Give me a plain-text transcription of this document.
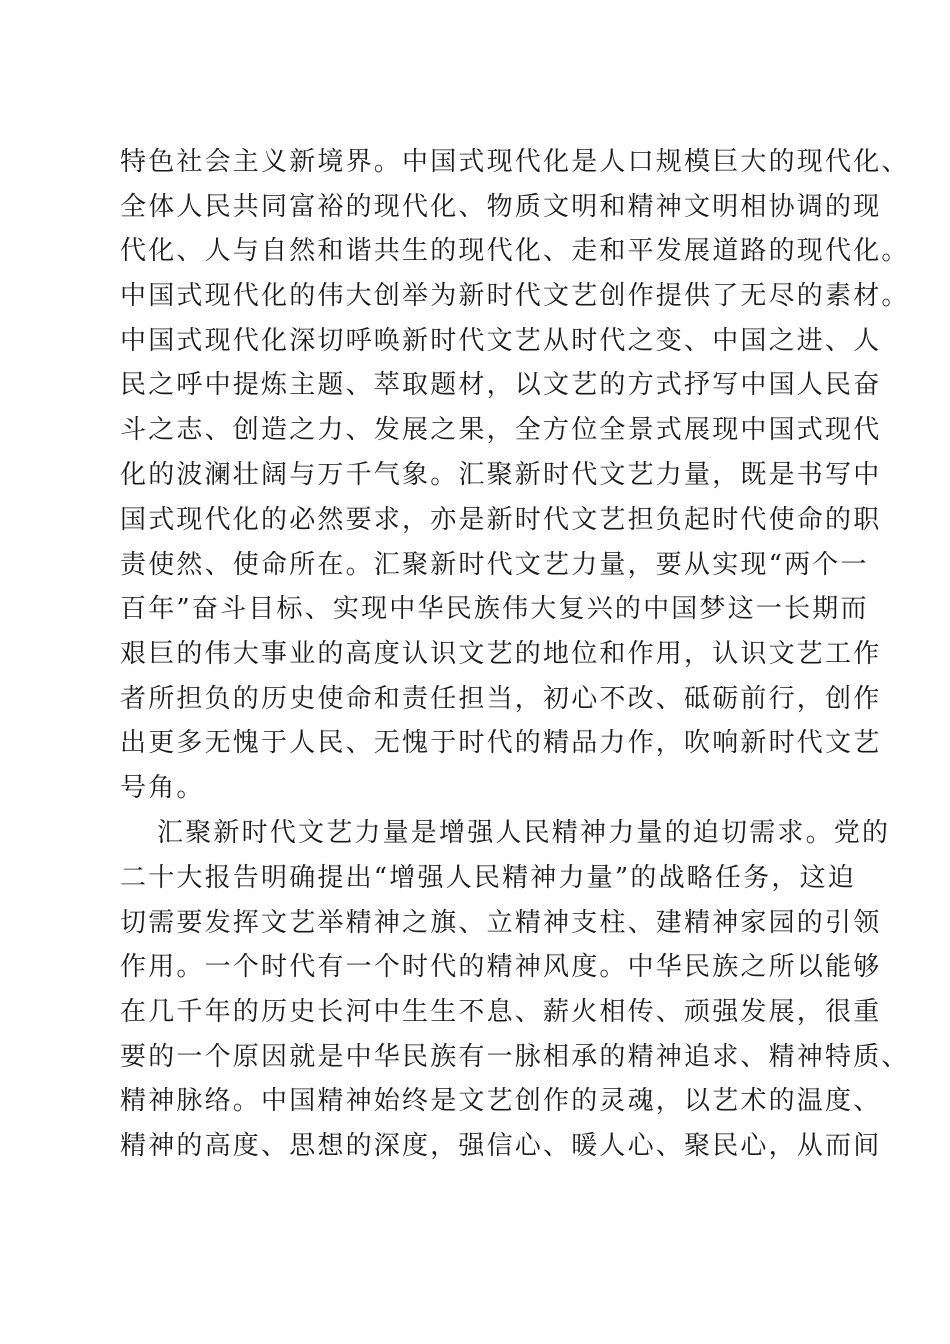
特色社会主义新境界。中国式现代化是人口规模巨大的现代化、
全体人民共同富裕的现代化、物质文明和精神文明相协调的现
代化、人与自然和谐共生的现代化、走和平发展道路的现代化。
中国式现代化的伟大创举为新时代文艺创作提供了无尽的素材。
中国式现代化深切呼唤新时代文艺从时代之变、中国之进、人
民之呼中提炼主题、萃取题材，以文艺的方式抒写中国人民奋
斗之志、创造之力、发展之果，全方位全景式展现中国式现代
化的波澜壮阔与万千气象。汇聚新时代文艺力量，既是书写中
国式现代化的必然要求，亦是新时代文艺担负起时代使命的职
责使然、使命所在。汇聚新时代文艺力量，要从实现“两个一
百年”奋斗目标、实现中华民族伟大复兴的中国梦这一长期而
艰巨的伟大事业的高度认识文艺的地位和作用，认识文艺工作
者所担负的历史使命和责任担当，初心不改、砥砺前行，创作
出更多无愧于人民、无愧于时代的精品力作，吹响新时代文艺
号角。
汇聚新时代文艺力量是增强人民精神力量的迫切需求。党的
二十大报告明确提出“增强人民精神力量”的战略任务，这迫
切需要发挥文艺举精神之旗、立精神支柱、建精神家园的引领
作用。一个时代有一个时代的精神风度。中华民族之所以能够
在几千年的历史长河中生生不息、薪火相传、顽强发展，很重
要的一个原因就是中华民族有一脉相承的精神追求、精神特质、
精神脉络。中国精神始终是文艺创作的灵魂，以艺术的温度、
精神的高度、思想的深度，强信心、暖人心、聚民心，从而间
